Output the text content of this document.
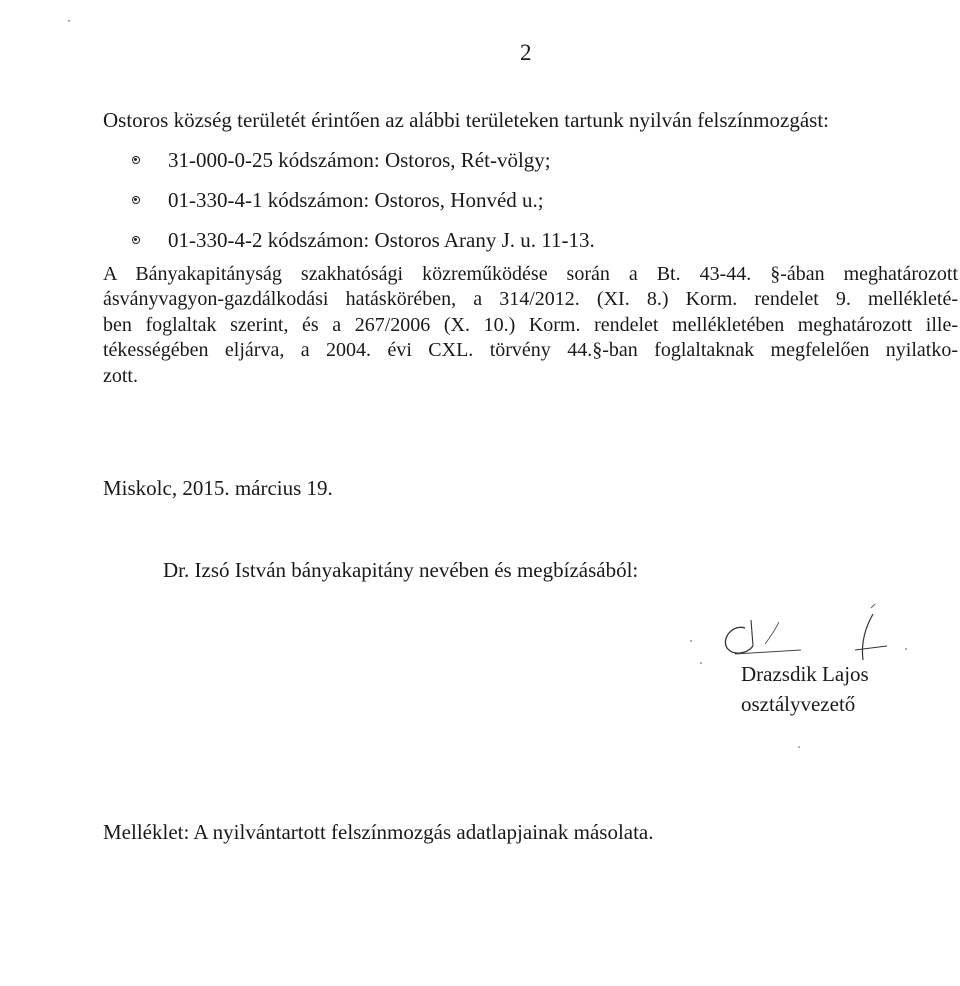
2
Ostoros község területét érintően az alábbi területeken tartunk nyilván felszínmozgást:
31-000-0-25 kódszámon: Ostoros, Rét-völgy;
01-330-4-1 kódszámon: Ostoros, Honvéd u.;
01-330-4-2 kódszámon: Ostoros Arany J. u. 11-13.

A Bányakapitányság szakhatósági közreműködése során a Bt. 43-44. §-ában meghatározott
ásványvagyon-gazdálkodási hatáskörében, a 314/2012. (XI. 8.) Korm. rendelet 9. mellékleté-
ben foglaltak szerint, és a 267/2006 (X. 10.) Korm. rendelet mellékletében meghatározott ille-
tékességében eljárva, a 2004. évi CXL. törvény 44.§-ban foglaltaknak megfelelően nyilatko-
zott.

Miskolc, 2015. március 19.
Dr. Izsó István bányakapitány nevében és megbízásából:
Drazsdik Lajos
osztályvezető
Melléklet: A nyilvántartott felszínmozgás adatlapjainak másolata.
